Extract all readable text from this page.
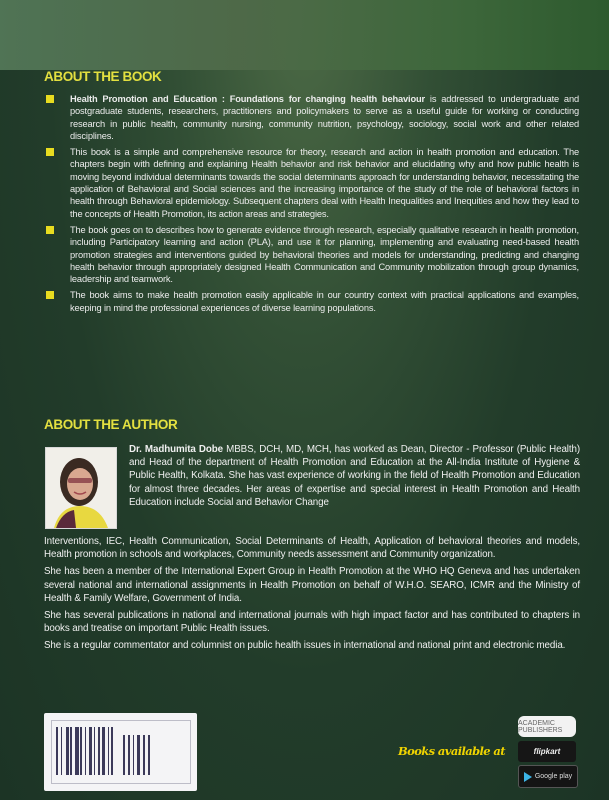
ABOUT THE BOOK

Health Promotion and Education : Foundations for changing health behaviour is addressed to undergraduate and postgraduate students, researchers, practitioners and policymakers to serve as a useful guide for working or conducting research in public health, community nursing, community nutrition, psychology, sociology, social work and other related disciplines.

This book is a simple and comprehensive resource for theory, research and action in health promotion and education. The chapters begin with defining and explaining Health behavior and risk behavior and elucidating why and how public health is moving beyond individual determinants towards the social determinants approach for understanding behavior, necessitating the application of Behavioral and Social sciences and the increasing importance of the study of the role of behavioral factors in health through Behavioral epidemiology. Subsequent chapters deal with Health Inequalities and Inequities and how they lead to the concepts of Health Promotion, its action areas and strategies.

The book goes on to describes how to generate evidence through research, especially qualitative research in health promotion, including Participatory learning and action (PLA), and use it for planning, implementing and evaluating need-based health promotion strategies and interventions guided by behavioral theories and models for understanding, predicting and changing health behavior through appropriately designed Health Communication and Community mobilization through group dynamics, leadership and teamwork.

The book aims to make health promotion easily applicable in our country context with practical applications and examples, keeping in mind the professional experiences of diverse learning populations.

ABOUT THE AUTHOR
Dr. Madhumita Dobe MBBS, DCH, MD, MCH, has worked as Dean, Director - Professor (Public Health) and Head of the department of Health Promotion and Education at the All-India Institute of Hygiene & Public Health, Kolkata. She has vast experience of working in the field of Health Promotion and Education for almost three decades. Her areas of expertise and special interest in Health Promotion and Health Education include Social and Behavior Change

Interventions, IEC, Health Communication, Social Determinants of Health, Application of behavioral theories and models, Health promotion in schools and workplaces, Community needs assessment and Community organization.

She has been a member of the International Expert Group in Health Promotion at the WHO HQ Geneva and has undertaken several national and international assignments in Health Promotion on behalf of W.H.O. SEARO, ICMR and the Ministry of Health & Family Welfare, Government of India.

She has several publications in national and international journals with high impact factor and has contributed to chapters in books and treatise on important Public Health issues.

She is a regular commentator and columnist on public health issues in international and national print and electronic media.

Books available at
ACADEMIC PUBLISHERS
flipkart
Google play
